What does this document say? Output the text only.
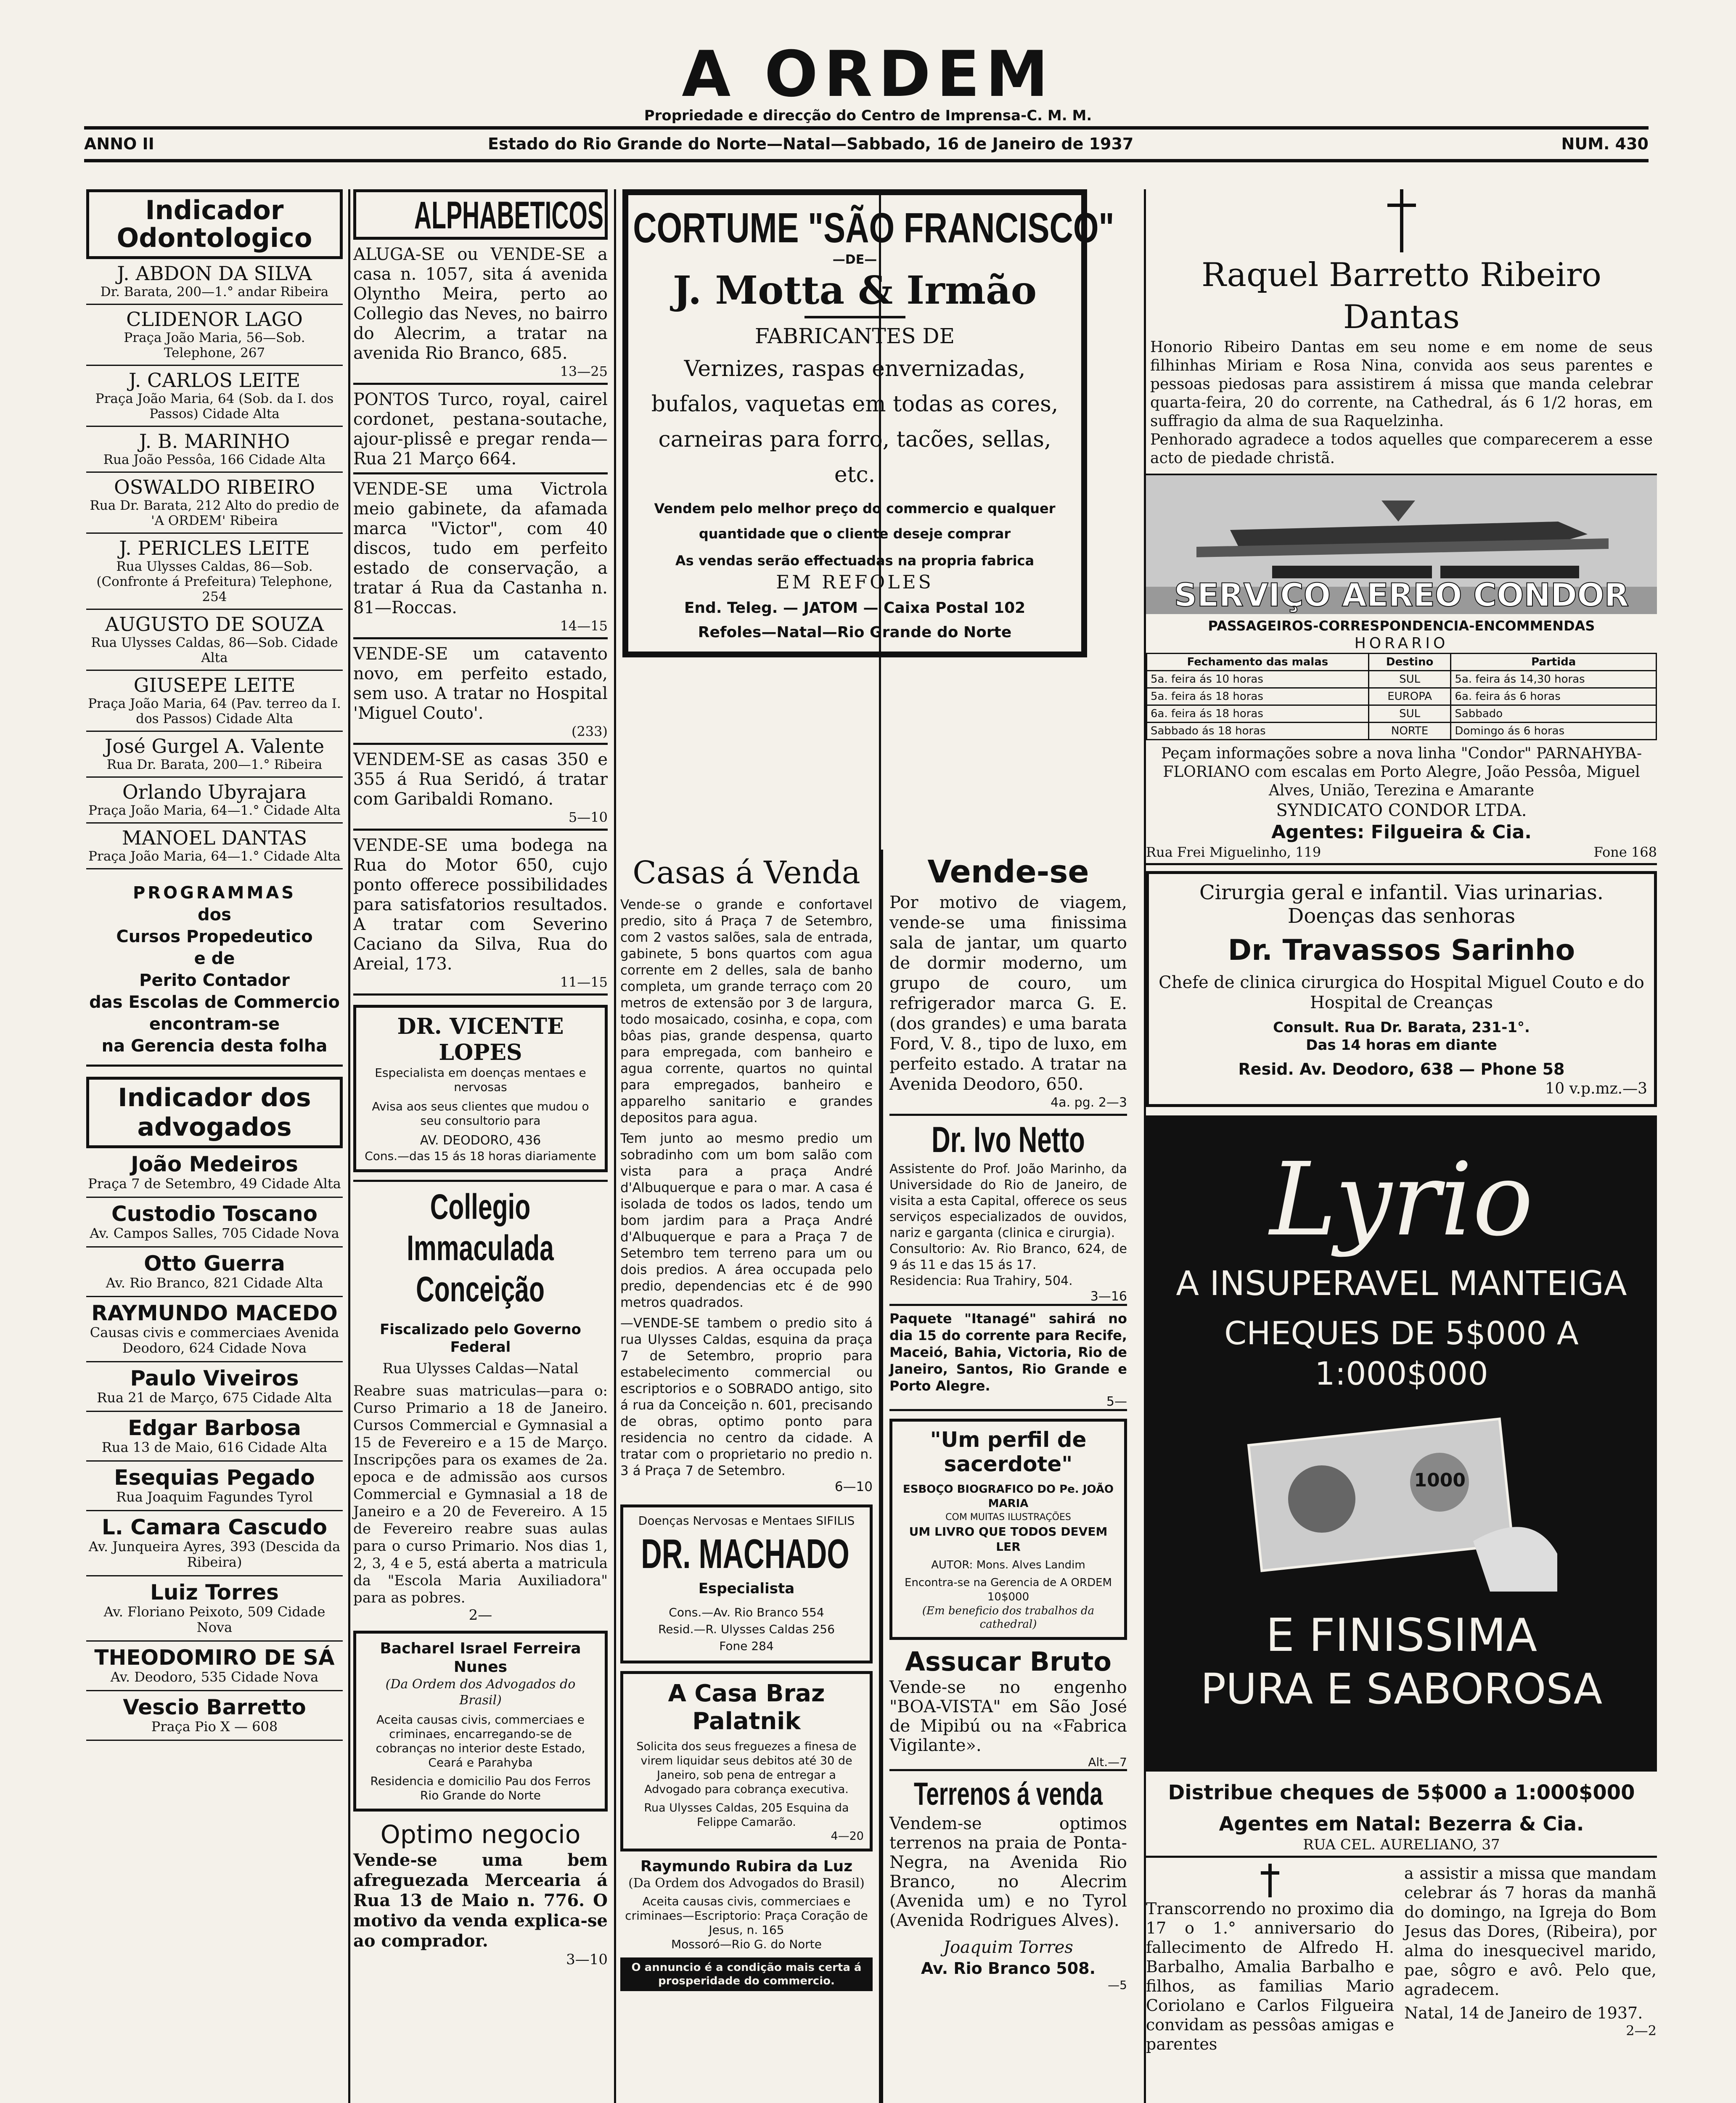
A ORDEM
Propriedade e direcção do Centro de Imprensa-C. M. M.
ANNO II	Estado do Rio Grande do Norte—Natal—Sabbado, 16 de Janeiro de 1937	NUM. 430
Indicador Odontologico
J. ABDON DA SILVA
Dr. Barata, 200—1.° andar Ribeira
CLIDENOR LAGO
Praça João Maria, 56—Sob. Telephone, 267
J. CARLOS LEITE
Praça João Maria, 64 (Sob. da I. dos Passos) Cidade Alta
J. B. MARINHO
Rua João Pessôa, 166 Cidade Alta
OSWALDO RIBEIRO
Rua Dr. Barata, 212 Alto do predio de 'A ORDEM' Ribeira
J. PERICLES LEITE
Rua Ulysses Caldas, 86—Sob. (Confronte á Prefeitura) Telephone, 254
AUGUSTO DE SOUZA
Rua Ulysses Caldas, 86—Sob. Cidade Alta
GIUSEPE LEITE
Praça João Maria, 64 (Pav. terreo da I. dos Passos) Cidade Alta
José Gurgel A. Valente
Rua Dr. Barata, 200—1.° Ribeira
Orlando Ubyrajara
Praça João Maria, 64—1.° Cidade Alta
MANOEL DANTAS
Praça João Maria, 64—1.° Cidade Alta
PROGRAMMAS
dos
Cursos Propedeutico
e de
Perito Contador
das Escolas de Commercio
encontram-se
na Gerencia desta folha
Indicador dos advogados
João Medeiros
Praça 7 de Setembro, 49 Cidade Alta
Custodio Toscano
Av. Campos Salles, 705 Cidade Nova
Otto Guerra
Av. Rio Branco, 821 Cidade Alta
RAYMUNDO MACEDO
Causas civis e commerciaes Avenida Deodoro, 624 Cidade Nova
Paulo Viveiros
Rua 21 de Março, 675 Cidade Alta
Edgar Barbosa
Rua 13 de Maio, 616 Cidade Alta
Esequias Pegado
Rua Joaquim Fagundes Tyrol
L. Camara Cascudo
Av. Junqueira Ayres, 393 (Descida da Ribeira)
Luiz Torres
Av. Floriano Peixoto, 509 Cidade Nova
THEODOMIRO DE SÁ
Av. Deodoro, 535 Cidade Nova
Vescio Barretto
Praça Pio X — 608
ALPHABETICOS
ALUGA-SE ou VENDE-SE a casa n. 1057, sita á avenida Olyntho Meira, perto ao Collegio das Neves, no bairro do Alecrim, a tratar na avenida Rio Branco, 685.
13—25
PONTOS Turco, royal, cairel cordonet, pestana-soutache, ajour-plissê e pregar renda—Rua 21 Março 664.
VENDE-SE uma Victrola meio gabinete, da afamada marca "Victor", com 40 discos, tudo em perfeito estado de conservação, a tratar á Rua da Castanha n. 81—Roccas.
14—15
VENDE-SE um catavento novo, em perfeito estado, sem uso. A tratar no Hospital 'Miguel Couto'.
(233)
VENDEM-SE as casas 350 e 355 á Rua Seridó, á tratar com Garibaldi Romano.
5—10
VENDE-SE uma bodega na Rua do Motor 650, cujo ponto offerece possibilidades para satisfatorios resultados. A tratar com Severino Caciano da Silva, Rua do Areial, 173.
11—15
DR. VICENTE LOPES
Especialista em doenças mentaes e nervosas
Avisa aos seus clientes que mudou o seu consultorio para
AV. DEODORO, 436
Cons.—das 15 ás 18 horas diariamente
Collegio Immaculada Conceição
Fiscalizado pelo Governo Federal
Rua Ulysses Caldas—Natal
Reabre suas matriculas—para o: Curso Primario a 18 de Janeiro. Cursos Commercial e Gymnasial a 15 de Fevereiro e a 15 de Março. Inscripções para os exames de 2a. epoca e de admissão aos cursos Commercial e Gymnasial a 18 de Janeiro e a 20 de Fevereiro. A 15 de Fevereiro reabre suas aulas para o curso Primario. Nos dias 1, 2, 3, 4 e 5, está aberta a matricula da "Escola Maria Auxiliadora" para as pobres.
2—
Bacharel Israel Ferreira Nunes
(Da Ordem dos Advogados do Brasil)
Aceita causas civis, commerciaes e criminaes, encarregando-se de cobranças no interior deste Estado, Ceará e Parahyba
Residencia e domicilio Pau dos Ferros Rio Grande do Norte
Optimo negocio
Vende-se uma bem afreguezada Mercearia á Rua 13 de Maio n. 776. O motivo da venda explica-se ao comprador.
3—10
CORTUME "SÃO FRANCISCO"
—DE—
J. Motta & Irmão
FABRICANTES DE
Vernizes, raspas envernizadas, bufalos, vaquetas em todas as cores, carneiras para forro, tacões, sellas, etc.
Vendem pelo melhor preço do commercio e qualquer quantidade que o cliente deseje comprar
As vendas serão effectuadas na propria fabrica
EM REFOLES
End. Teleg. — JATOM — Caixa Postal 102
Refoles—Natal—Rio Grande do Norte
Casas á Venda
Vende-se o grande e confortavel predio, sito á Praça 7 de Setembro, com 2 vastos salões, sala de entrada, gabinete, 5 bons quartos com agua corrente em 2 delles, sala de banho completa, um grande terraço com 20 metros de extensão por 3 de largura, todo mosaicado, cosinha, e copa, com bôas pias, grande despensa, quarto para empregada, com banheiro e agua corrente, quartos no quintal para empregados, banheiro e apparelho sanitario e grandes depositos para agua.
Tem junto ao mesmo predio um sobradinho com um bom salão com vista para a praça André d'Albuquerque e para o mar. A casa é isolada de todos os lados, tendo um bom jardim para a Praça André d'Albuquerque e para a Praça 7 de Setembro tem terreno para um ou dois predios. A área occupada pelo predio, dependencias etc é de 990 metros quadrados.
—VENDE-SE tambem o predio sito á rua Ulysses Caldas, esquina da praça 7 de Setembro, proprio para estabelecimento commercial ou escriptorios e o SOBRADO antigo, sito á rua da Conceição n. 601, precisando de obras, optimo ponto para residencia no centro da cidade. A tratar com o proprietario no predio n. 3 á Praça 7 de Setembro.
6—10
Doenças Nervosas e Mentaes SIFILIS
DR. MACHADO
Especialista
Cons.—Av. Rio Branco 554
Resid.—R. Ulysses Caldas 256
Fone 284
A Casa Braz Palatnik
Solicita dos seus freguezes a finesa de virem liquidar seus debitos até 30 de Janeiro, sob pena de entregar a Advogado para cobrança executiva.
Rua Ulysses Caldas, 205 Esquina da Felippe Camarão.
4—20
Raymundo Rubira da Luz
(Da Ordem dos Advogados do Brasil)
Aceita causas civis, commerciaes e criminaes—Escriptorio: Praça Coração de Jesus, n. 165
Mossoró—Rio G. do Norte
O annuncio é a condição mais certa á prosperidade do commercio.
Vende-se
Por motivo de viagem, vende-se uma finissima sala de jantar, um quarto de dormir moderno, um grupo de couro, um refrigerador marca G. E. (dos grandes) e uma barata Ford, V. 8., tipo de luxo, em perfeito estado. A tratar na Avenida Deodoro, 650.
4a. pg. 2—3
Dr. Ivo Netto
Assistente do Prof. João Marinho, da Universidade do Rio de Janeiro, de visita a esta Capital, offerece os seus serviços especializados de ouvidos, nariz e garganta (clinica e cirurgia).
Consultorio: Av. Rio Branco, 624, de 9 ás 11 e das 15 ás 17.
Residencia: Rua Trahiry, 504.
3—16
Paquete "Itanagé" sahirá no dia 15 do corrente para Recife, Maceió, Bahia, Victoria, Rio de Janeiro, Santos, Rio Grande e Porto Alegre.
5—
"Um perfil de sacerdote"
ESBOÇO BIOGRAFICO DO Pe. JOÃO MARIA
COM MUITAS ILUSTRAÇÕES
UM LIVRO QUE TODOS DEVEM LER
AUTOR: Mons. Alves Landim
Encontra-se na Gerencia de A ORDEM 10$000
(Em beneficio dos trabalhos da cathedral)
Assucar Bruto
Vende-se no engenho "BOA-VISTA" em São José de Mipibú ou na «Fabrica Vigilante».
Alt.—7
Terrenos á venda
Vendem-se optimos terrenos na praia de Ponta-Negra, na Avenida Rio Branco, no Alecrim (Avenida um) e no Tyrol (Avenida Rodrigues Alves).
Joaquim Torres
Av. Rio Branco 508.
—5
Raquel Barretto Ribeiro Dantas
Honorio Ribeiro Dantas em seu nome e em nome de seus filhinhas Miriam e Rosa Nina, convida aos seus parentes e pessoas piedosas para assistirem á missa que manda celebrar quarta-feira, 20 do corrente, na Cathedral, ás 6 1/2 horas, em suffragio da alma de sua Raquelzinha.
Penhorado agradece a todos aquelles que comparecerem a esse acto de piedade christã.
SERVIÇO AEREO CONDOR
PASSAGEIROS-CORRESPONDENCIA-ENCOMMENDAS
HORARIO
Fechamento das malas	Destino	Partida
5a. feira ás 10 horas	SUL	5a. feira ás 14,30 horas
5a. feira ás 18 horas	EUROPA	6a. feira ás 6 horas
6a. feira ás 18 horas	SUL	Sabbado
Sabbado ás 18 horas	NORTE	Domingo ás 6 horas
Peçam informações sobre a nova linha "Condor" PARNAHYBA-FLORIANO com escalas em Porto Alegre, João Pessôa, Miguel Alves, União, Terezina e Amarante
SYNDICATO CONDOR LTDA.
Agentes: Filgueira & Cia.
Rua Frei Miguelinho, 119	Fone 168
Cirurgia geral e infantil. Vias urinarias. Doenças das senhoras
Dr. Travassos Sarinho
Chefe de clinica cirurgica do Hospital Miguel Couto e do Hospital de Creanças
Consult. Rua Dr. Barata, 231-1°.
Das 14 horas em diante
Resid. Av. Deodoro, 638 — Phone 58
10 v.p.mz.—3
Lyrio
A INSUPERAVEL MANTEIGA
CHEQUES DE 5$000 A 1:000$000
1000
E FINISSIMA
PURA E SABOROSA
Distribue cheques de 5$000 a 1:000$000
Agentes em Natal: Bezerra & Cia.
RUA CEL. AURELIANO, 37
Transcorrendo no proximo dia 17 o 1.° anniversario do fallecimento de Alfredo H. Barbalho, Amalia Barbalho e filhos, as familias Mario Coriolano e Carlos Filgueira convidam as pessôas amigas e parentes
a assistir a missa que mandam celebrar ás 7 horas da manhã do domingo, na Igreja do Bom Jesus das Dores, (Ribeira), por alma do inesquecivel marido, pae, sôgro e avô. Pelo que, agradecem.
Natal, 14 de Janeiro de 1937.
2—2
